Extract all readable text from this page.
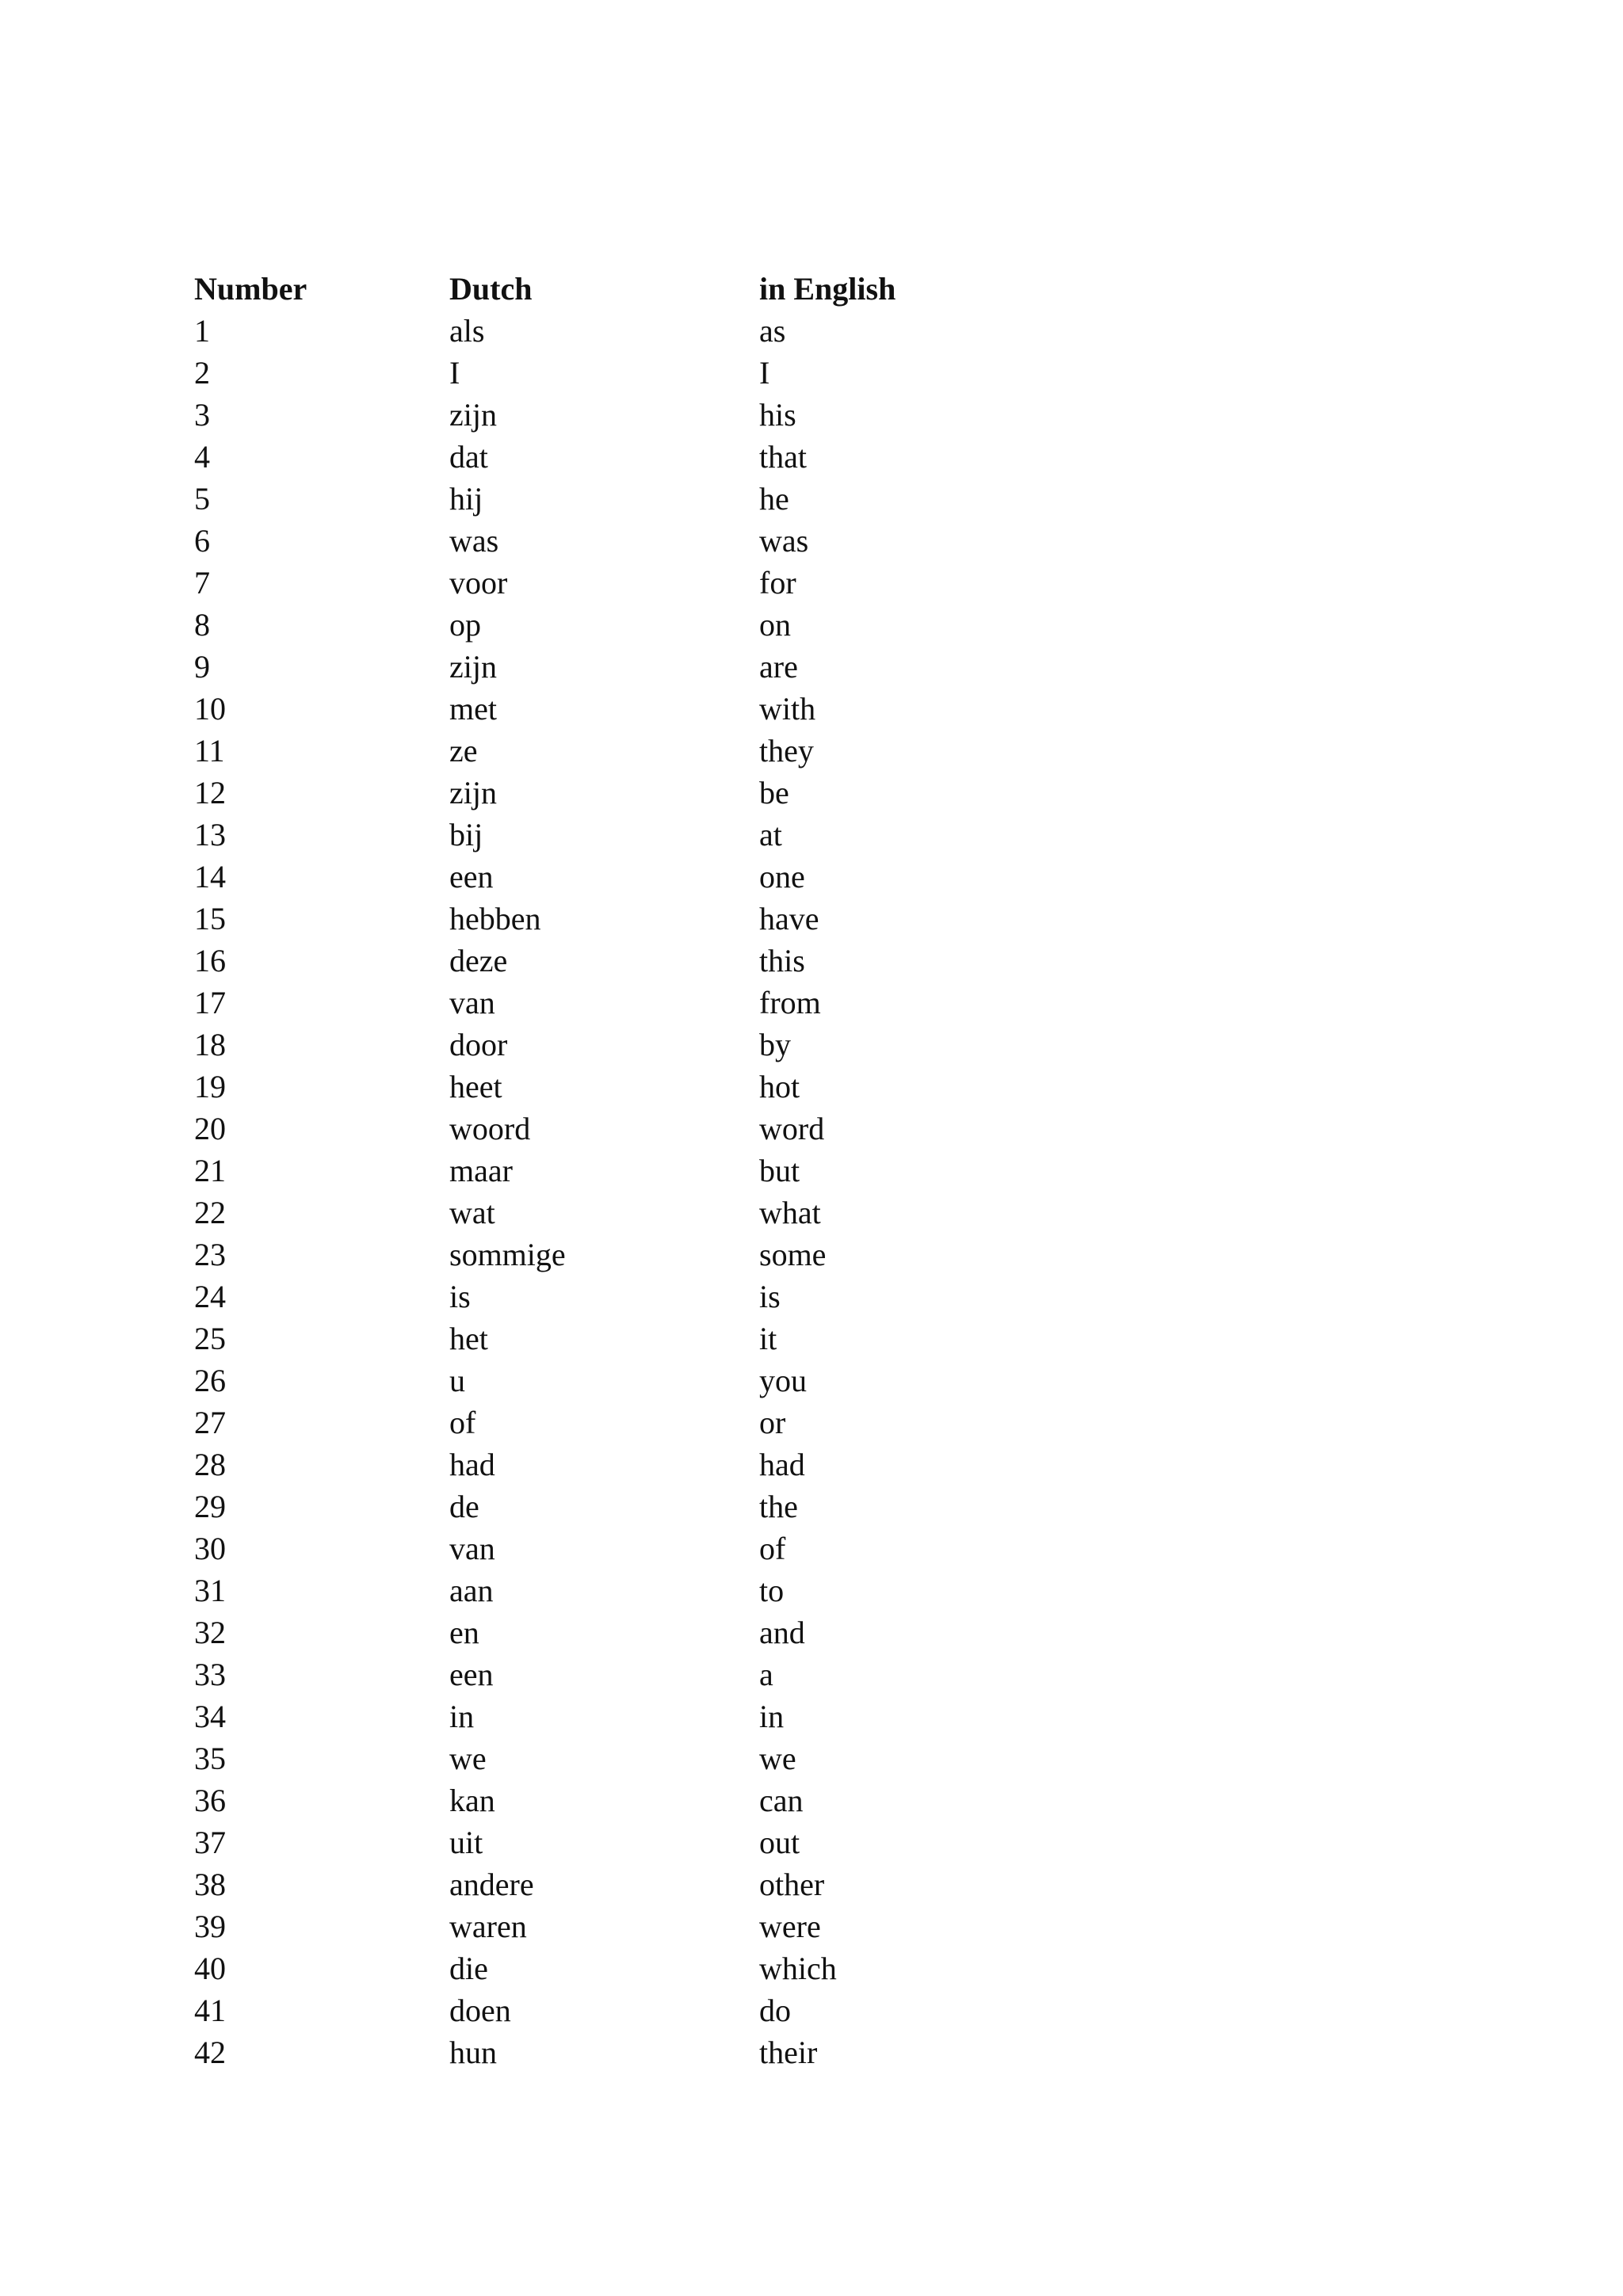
Number	Dutch	in English
1	als	as
2	I	I
3	zijn	his
4	dat	that
5	hij	he
6	was	was
7	voor	for
8	op	on
9	zijn	are
10	met	with
11	ze	they
12	zijn	be
13	bij	at
14	een	one
15	hebben	have
16	deze	this
17	van	from
18	door	by
19	heet	hot
20	woord	word
21	maar	but
22	wat	what
23	sommige	some
24	is	is
25	het	it
26	u	you
27	of	or
28	had	had
29	de	the
30	van	of
31	aan	to
32	en	and
33	een	a
34	in	in
35	we	we
36	kan	can
37	uit	out
38	andere	other
39	waren	were
40	die	which
41	doen	do
42	hun	their
